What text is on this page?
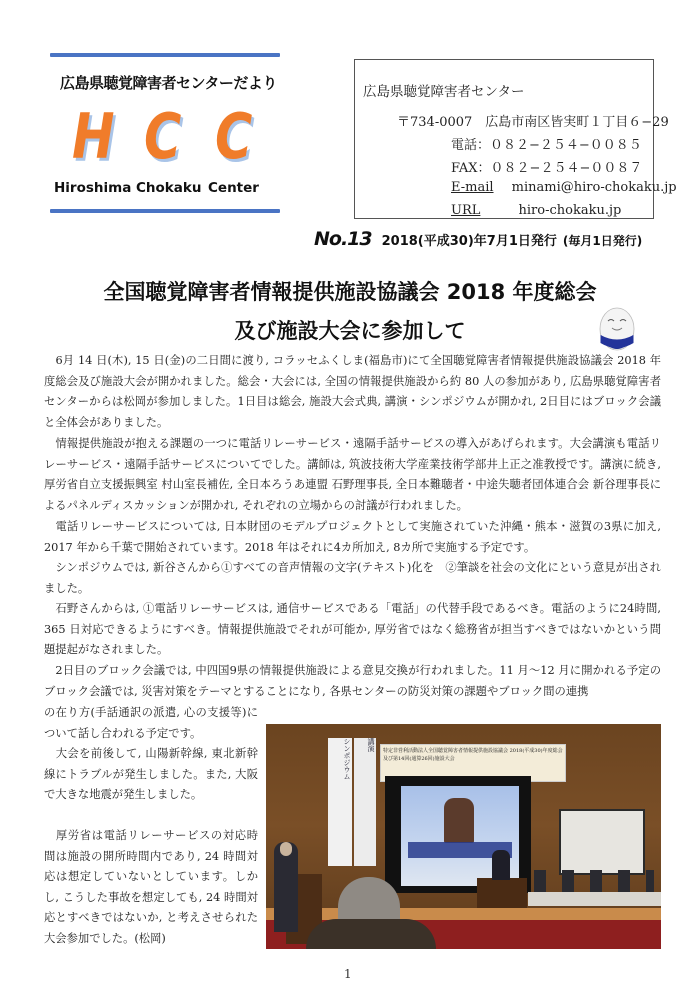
広島県聴覚障害者センターだより
H C C
Hiroshima Chokaku Center
広島県聴覚障害者センター
〒734-0007　広島市南区皆実町１丁目６−29
電話：０８２−２５４−００８５
FAX：０８２−２５４−００８７
E-mail minami@hiro-chokaku.jp
URL	hiro-chokaku.jp
No.13 2018(平成30)年7月1日発行 (毎月1日発行)
全国聴覚障害者情報提供施設協議会 2018 年度総会
及び施設大会に参加して
　6月 14 日(木), 15 日(金)の二日間に渡り, コラッセふくしま(福島市)にて全国聴覚障害者情報提供施設協議会 2018 年度総会及び施設大会が開かれました。総会・大会には, 全国の情報提供施設から約 80 人の参加があり, 広島県聴覚障害者センターからは松岡が参加しました。1日目は総会, 施設大会式典, 講演・シンポジウムが開かれ, 2日目にはブロック会議と全体会がありました。
　情報提供施設が抱える課題の一つに電話リレーサービス・遠隔手話サービスの導入があげられます。大会講演も電話リレーサービス・遠隔手話サービスについてでした。講師は, 筑波技術大学産業技術学部井上正之准教授です。講演に続き, 厚労省自立支援振興室 村山室長補佐, 全日本ろうあ連盟 石野理事長, 全日本難聴者・中途失聴者団体連合会 新谷理事長によるパネルディスカッションが開かれ, それぞれの立場からの討議が行われました。
　電話リレーサービスについては, 日本財団のモデルプロジェクトとして実施されていた沖縄・熊本・滋賀の3県に加え, 2017 年から千葉で開始されています。2018 年はそれに4カ所加え, 8カ所で実施する予定です。
　シンポジウムでは, 新谷さんから①すべての音声情報の文字(テキスト)化を　②筆談を社会の文化にという意見が出されました。
　石野さんからは, ①電話リレーサービスは, 通信サービスである「電話」の代替手段であるべき。電話のように24時間, 365 日対応できるようにすべき。情報提供施設でそれが可能か, 厚労省ではなく総務省が担当すべきではないかという問題提起がなされました。
　2日目のブロック会議では, 中四国9県の情報提供施設による意見交換が行われました。11 月〜12 月に開かれる予定のブロック会議では, 災害対策をテーマとすることになり, 各県センターの防災対策の課題やブロック間の連携
の在り方(手話通訳の派遣, 心の支援等)について話し合われる予定です。
　大会を前後して, 山陽新幹線, 東北新幹線にトラブルが発生しました。また, 大阪で大きな地震が発生しました。
　厚労省は電話リレーサービスの対応時間は施設の開所時間内であり, 24 時間対応は想定していないとしています。しかし, こうした事故を想定しても, 24 時間対応とすべきではないか, と考えさせられた大会参加でした。(松岡)
特定非営利活動法人全国聴覚障害者情報提供施設協議会 2018(平成30)年度総会及び第14回(通算26回)施設大会
シンポジウム	講演
1
